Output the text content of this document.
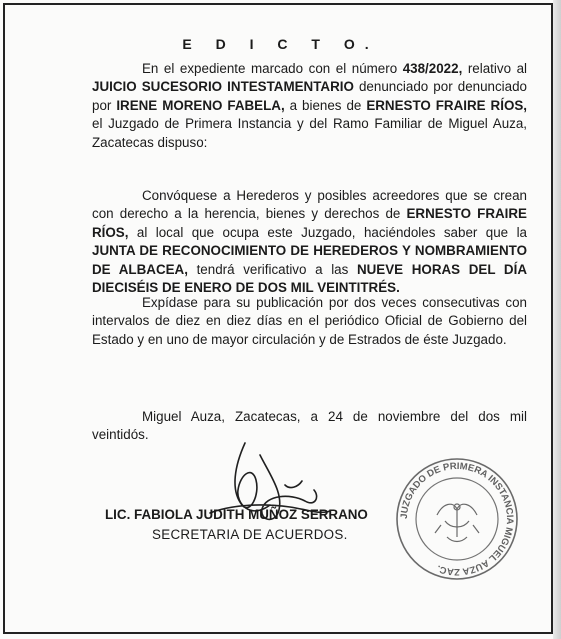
E D I C T O.
En el expediente marcado con el número 438/2022, relativo al JUICIO SUCESORIO INTESTAMENTARIO denunciado por denunciado por IRENE MORENO FABELA, a bienes de ERNESTO FRAIRE RÍOS, el Juzgado de Primera Instancia y del Ramo Familiar de Miguel Auza, Zacatecas dispuso:
Convóquese a Herederos y posibles acreedores que se crean con derecho a la herencia, bienes y derechos de ERNESTO FRAIRE RÍOS, al local que ocupa este Juzgado, haciéndoles saber que la JUNTA DE RECONOCIMIENTO DE HEREDEROS Y NOMBRAMIENTO DE ALBACEA, tendrá verificativo a las NUEVE HORAS DEL DÍA DIECISÉIS DE ENERO DE DOS MIL VEINTITRÉS.
Expídase para su publicación por dos veces consecutivas con intervalos de diez en diez días en el periódico Oficial de Gobierno del Estado y en uno de mayor circulación y de Estrados de éste Juzgado.
Miguel Auza, Zacatecas, a 24 de noviembre del dos mil veintidós.
JUZGADO DE PRIMERA INSTANCIA MIGUEL AUZA ZAC.
LIC. FABIOLA JUDITH MUÑOZ SERRANO
SECRETARIA DE ACUERDOS.
